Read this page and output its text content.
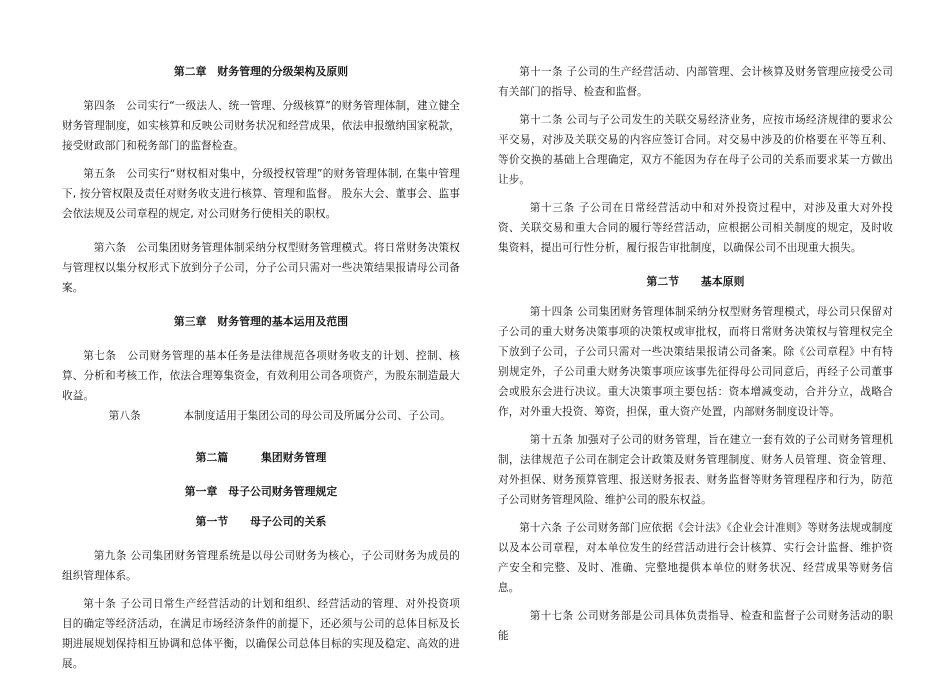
第二章　财务管理的分级架构及原则

第四条　公司实行“一级法人、统一管理、分级核算”的财务管理体制，建立健全财务管理制度，如实核算和反映公司财务状况和经营成果，依法申报缴纳国家税款，接受财政部门和税务部门的监督检查。

第五条　公司实行“财权相对集中，分级授权管理”的财务管理体制, 在集中管理下, 按分管权限及责任对财务收支进行核算、管理和监督。 股东大会、董事会、监事会依法规及公司章程的规定, 对公司财务行使相关的职权。

第六条　公司集团财务管理体制采纳分权型财务管理模式。将日常财务决策权与管理权以集分权形式下放到分子公司，分子公司只需对一些决策结果报请母公司备案。

第三章　财务管理的基本运用及范围

第七条　公司财务管理的基本任务是法律规范各项财务收支的计划、控制、核算、分析和考核工作，依法合理筹集资金，有效利用公司各项资产，为股东制造最大收益。

第八条　　　　本制度适用于集团公司的母公司及所属分公司、子公司。

第二篇　　　集团财务管理

第一章　母子公司财务管理规定

第一节　　母子公司的关系

第九条 公司集团财务管理系统是以母公司财务为核心，子公司财务为成员的组织管理体系。

第十条 子公司日常生产经营活动的计划和组织、经营活动的管理、对外投资项目的确定等经济活动，在满足市场经济条件的前提下，还必须与公司的总体目标及长期进展规划保持相互协调和总体平衡，以确保公司总体目标的实现及稳定、高效的进展。

第十一条 子公司的生产经营活动、内部管理、会计核算及财务管理应接受公司有关部门的指导、检查和监督。

第十二条 公司与子公司发生的关联交易经济业务，应按市场经济规律的要求公平交易，对涉及关联交易的内容应签订合同。对交易中涉及的价格要在平等互利、等价交换的基础上合理确定，双方不能因为存在母子公司的关系而要求某一方做出让步。

第十三条 子公司在日常经营活动中和对外投资过程中，对涉及重大对外投资、关联交易和重大合同的履行等经营活动，应根据公司相关制度的规定，及时收集资料，提出可行性分析，履行报告审批制度，以确保公司不出现重大损失。

第二节　　基本原则

第十四条 公司集团财务管理体制采纳分权型财务管理模式，母公司只保留对子公司的重大财务决策事项的决策权或审批权，而将日常财务决策权与管理权完全下放到子公司，子公司只需对一些决策结果报请公司备案。除《公司章程》中有特别规定外，子公司重大财务决策事项应该事先征得母公司同意后，再经子公司董事会或股东会进行决议。重大决策事项主要包括：资本增减变动，合并分立，战略合作，对外重大投资、筹资，担保，重大资产处置，内部财务制度设计等。

第十五条 加强对子公司的财务管理，旨在建立一套有效的子公司财务管理机制，法律规范子公司在制定会计政策及财务管理制度、财务人员管理、资金管理、对外担保、财务预算管理、报送财务报表、财务监督等财务管理程序和行为，防范子公司财务管理风险、维护公司的股东权益。

第十六条 子公司财务部门应依据《会计法》《企业会计准则》等财务法规或制度以及本公司章程，对本单位发生的经营活动进行会计核算、实行会计监督、维护资产安全和完整、及时、准确、完整地提供本单位的财务状况、经营成果等财务信息。

第十七条 公司财务部是公司具体负责指导、检查和监督子公司财务活动的职能
